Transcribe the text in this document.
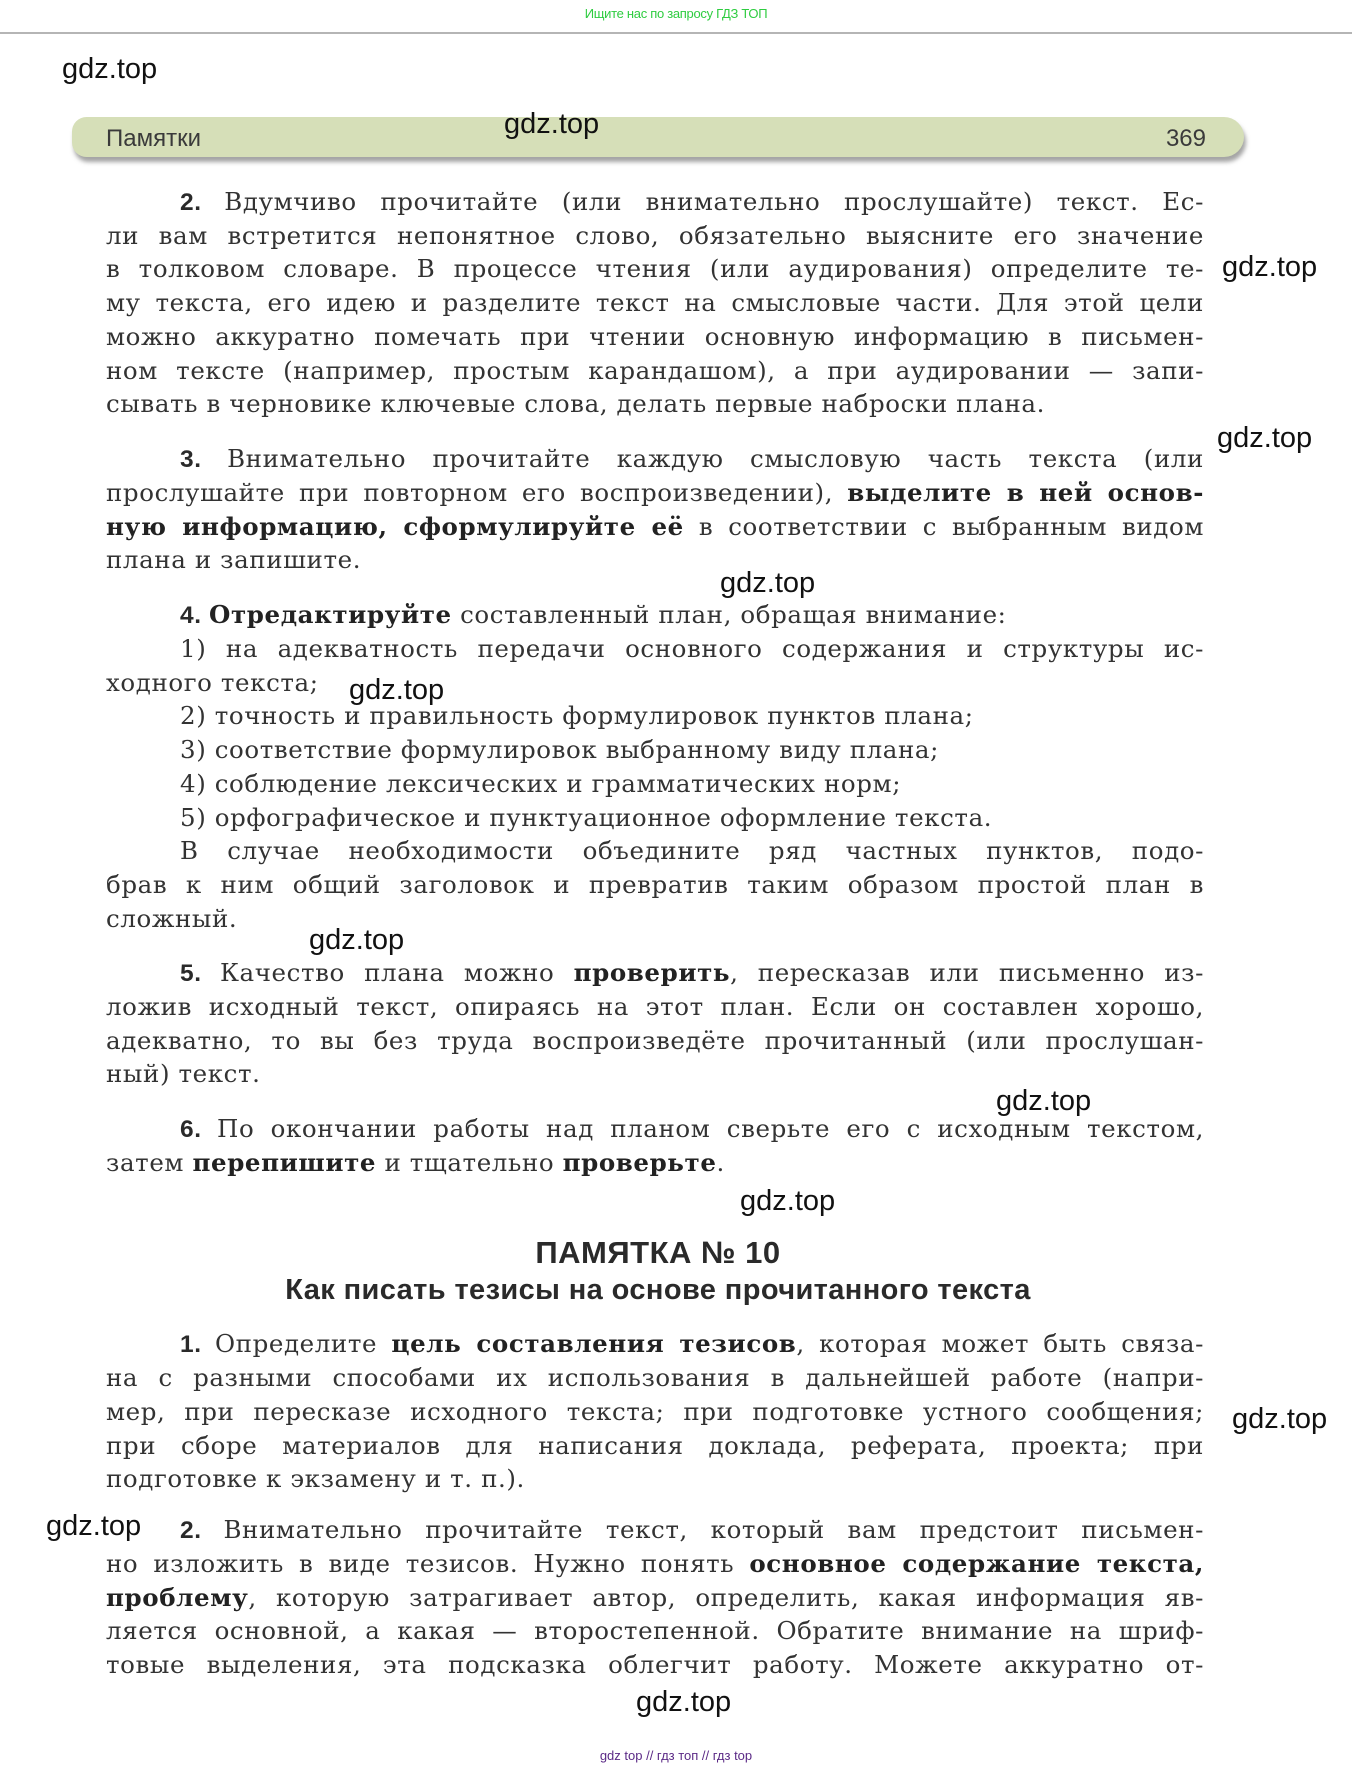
Ищите нас по запросу ГДЗ ТОП
Памятки	369
2. Вдумчиво прочитайте (или внимательно прослушайте) текст. Ес-
ли вам встретится непонятное слово, обязательно выясните его значение
в толковом словаре. В процессе чтения (или аудирования) определите те-
му текста, его идею и разделите текст на смысловые части. Для этой цели
можно аккуратно помечать при чтении основную информацию в письмен-
ном тексте (например, простым карандашом), а при аудировании — запи-
сывать в черновике ключевые слова, делать первые наброски плана.
3. Внимательно прочитайте каждую смысловую часть текста (или
прослушайте при повторном его воспроизведении), выделите в ней основ-
ную информацию, сформулируйте её в соответствии с выбранным видом
плана и запишите.
4. Отредактируйте составленный план, обращая внимание:
1) на адекватность передачи основного содержания и структуры ис-
ходного текста;
2) точность и правильность формулировок пунктов плана;
3) соответствие формулировок выбранному виду плана;
4) соблюдение лексических и грамматических норм;
5) орфографическое и пунктуационное оформление текста.
В случае необходимости объедините ряд частных пунктов, подо-
брав к ним общий заголовок и превратив таким образом простой план в
сложный.
5. Качество плана можно проверить, пересказав или письменно из-
ложив исходный текст, опираясь на этот план. Если он составлен хорошо,
адекватно, то вы без труда воспроизведёте прочитанный (или прослушан-
ный) текст.
6. По окончании работы над планом сверьте его с исходным текстом,
затем перепишите и тщательно проверьте.
1. Определите цель составления тезисов, которая может быть связа-
на с разными способами их использования в дальнейшей работе (напри-
мер, при пересказе исходного текста; при подготовке устного сообщения;
при сборе материалов для написания доклада, реферата, проекта; при
подготовке к экзамену и т. п.).
2. Внимательно прочитайте текст, который вам предстоит письмен-
но изложить в виде тезисов. Нужно понять основное содержание текста,
проблему, которую затрагивает автор, определить, какая информация яв-
ляется основной, а какая — второстепенной. Обратите внимание на шриф-
товые выделения, эта подсказка облегчит работу. Можете аккуратно от-
ПАМЯТКА № 10
Как писать тезисы на основе прочитанного текста
gdz.top
gdz.top
gdz.top
gdz.top
gdz.top
gdz.top
gdz.top
gdz.top
gdz.top
gdz.top
gdz.top
gdz.top
gdz top // гдз топ // гдз top
